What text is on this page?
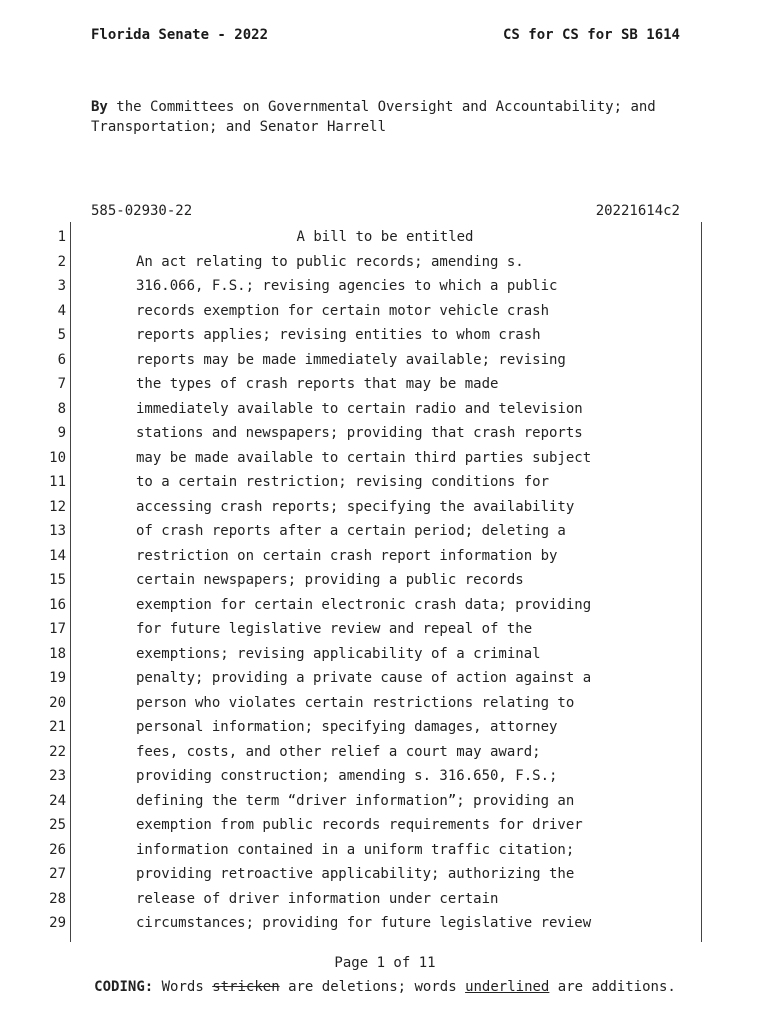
Florida Senate - 2022	CS for CS for SB 1614
By the Committees on Governmental Oversight and Accountability; and Transportation; and Senator Harrell
585-02930-22	20221614c2
1	A bill to be entitled
2	An act relating to public records; amending s.
3	316.066, F.S.; revising agencies to which a public
4	records exemption for certain motor vehicle crash
5	reports applies; revising entities to whom crash
6	reports may be made immediately available; revising
7	the types of crash reports that may be made
8	immediately available to certain radio and television
9	stations and newspapers; providing that crash reports
10	may be made available to certain third parties subject
11	to a certain restriction; revising conditions for
12	accessing crash reports; specifying the availability
13	of crash reports after a certain period; deleting a
14	restriction on certain crash report information by
15	certain newspapers; providing a public records
16	exemption for certain electronic crash data; providing
17	for future legislative review and repeal of the
18	exemptions; revising applicability of a criminal
19	penalty; providing a private cause of action against a
20	person who violates certain restrictions relating to
21	personal information; specifying damages, attorney
22	fees, costs, and other relief a court may award;
23	providing construction; amending s. 316.650, F.S.;
24	defining the term “driver information”; providing an
25	exemption from public records requirements for driver
26	information contained in a uniform traffic citation;
27	providing retroactive applicability; authorizing the
28	release of driver information under certain
29	circumstances; providing for future legislative review
Page 1 of 11
CODING: Words stricken are deletions; words underlined are additions.
